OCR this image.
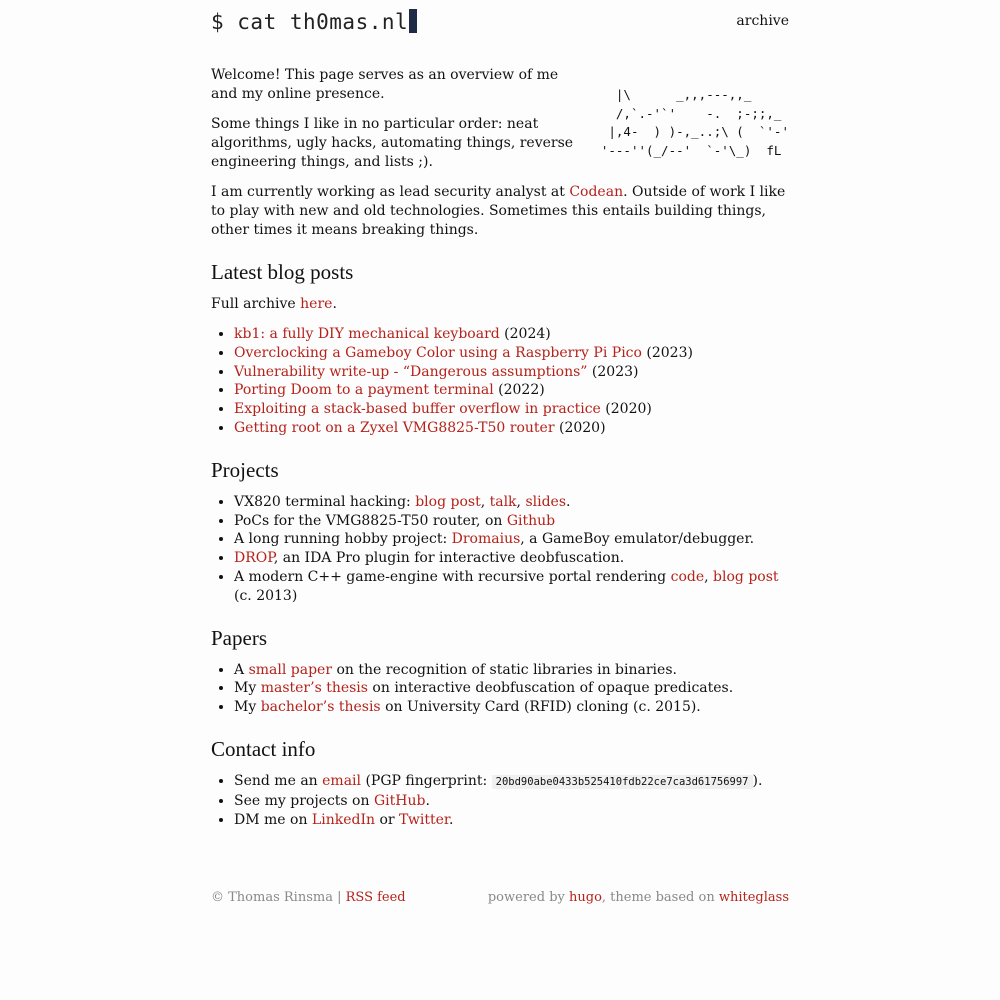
$ cat th0mas.nl	archive
|\      _,,,---,,_
/,`.-'`'    -.  ;-;;,_
|,4-  ) )-,_..;\ (  `'-'
'---''(_/--'  `-'\_)  fL

Welcome! This page serves as an overview of me and my online presence.

Some things I like in no particular order: neat algorithms, ugly hacks, automating things, reverse engineering things, and lists ;).

I am currently working as lead security analyst at Codean. Outside of work I like to play with new and old technologies. Sometimes this entails building things, other times it means breaking things.

Latest blog posts

Full archive here.

• kb1: a fully DIY mechanical keyboard (2024)
• Overclocking a Gameboy Color using a Raspberry Pi Pico (2023)
• Vulnerability write-up - “Dangerous assumptions” (2023)
• Porting Doom to a payment terminal (2022)
• Exploiting a stack-based buffer overflow in practice (2020)
• Getting root on a Zyxel VMG8825-T50 router (2020)
Projects
• VX820 terminal hacking: blog post, talk, slides.
• PoCs for the VMG8825-T50 router, on Github
• A long running hobby project: Dromaius, a GameBoy emulator/debugger.
• DROP, an IDA Pro plugin for interactive deobfuscation.
• A modern C++ game-engine with recursive portal rendering code, blog post (c. 2013)
Papers
• A small paper on the recognition of static libraries in binaries.
• My master’s thesis on interactive deobfuscation of opaque predicates.
• My bachelor’s thesis on University Card (RFID) cloning (c. 2015).
Contact info
• Send me an email (PGP fingerprint: 20bd90abe0433b525410fdb22ce7ca3d61756997 ).
• See my projects on GitHub.
• DM me on LinkedIn or Twitter.
© Thomas Rinsma | RSS feed	powered by hugo, theme based on whiteglass
